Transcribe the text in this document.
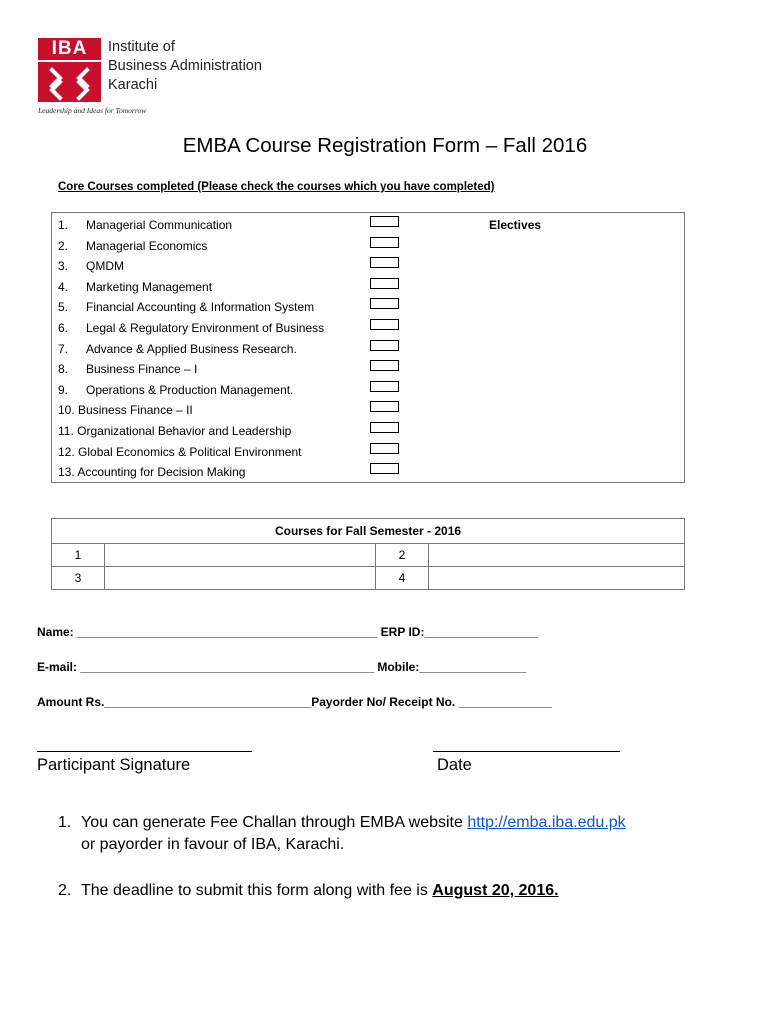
IBA	Institute of
Business Administration
Karachi
Leadership and Ideas for Tomorrow
EMBA Course Registration Form – Fall 2016
Core Courses completed (Please check the courses which you have completed)
Electives
1. Managerial Communication
2. Managerial Economics
3. QMDM
4. Marketing Management
5. Financial Accounting & Information System
6. Legal & Regulatory Environment of Business
7. Advance & Applied Business Research.
8. Business Finance – I
9. Operations & Production Management.
10. Business Finance – II
11. Organizational Behavior and Leadership
12. Global Economics & Political Environment
13. Accounting for Decision Making
Courses for Fall Semester - 2016			
1		2	
3		4	
Name: _____________________________________________ ERP ID:_________________
E-mail: ____________________________________________ Mobile:________________
Amount Rs._______________________________Payorder No/ Receipt No. ______________
Participant Signature	Date
1. You can generate Fee Challan through EMBA website http://emba.iba.edu.pk
or payorder in favour of IBA, Karachi.
2. The deadline to submit this form along with fee is August 20, 2016.
